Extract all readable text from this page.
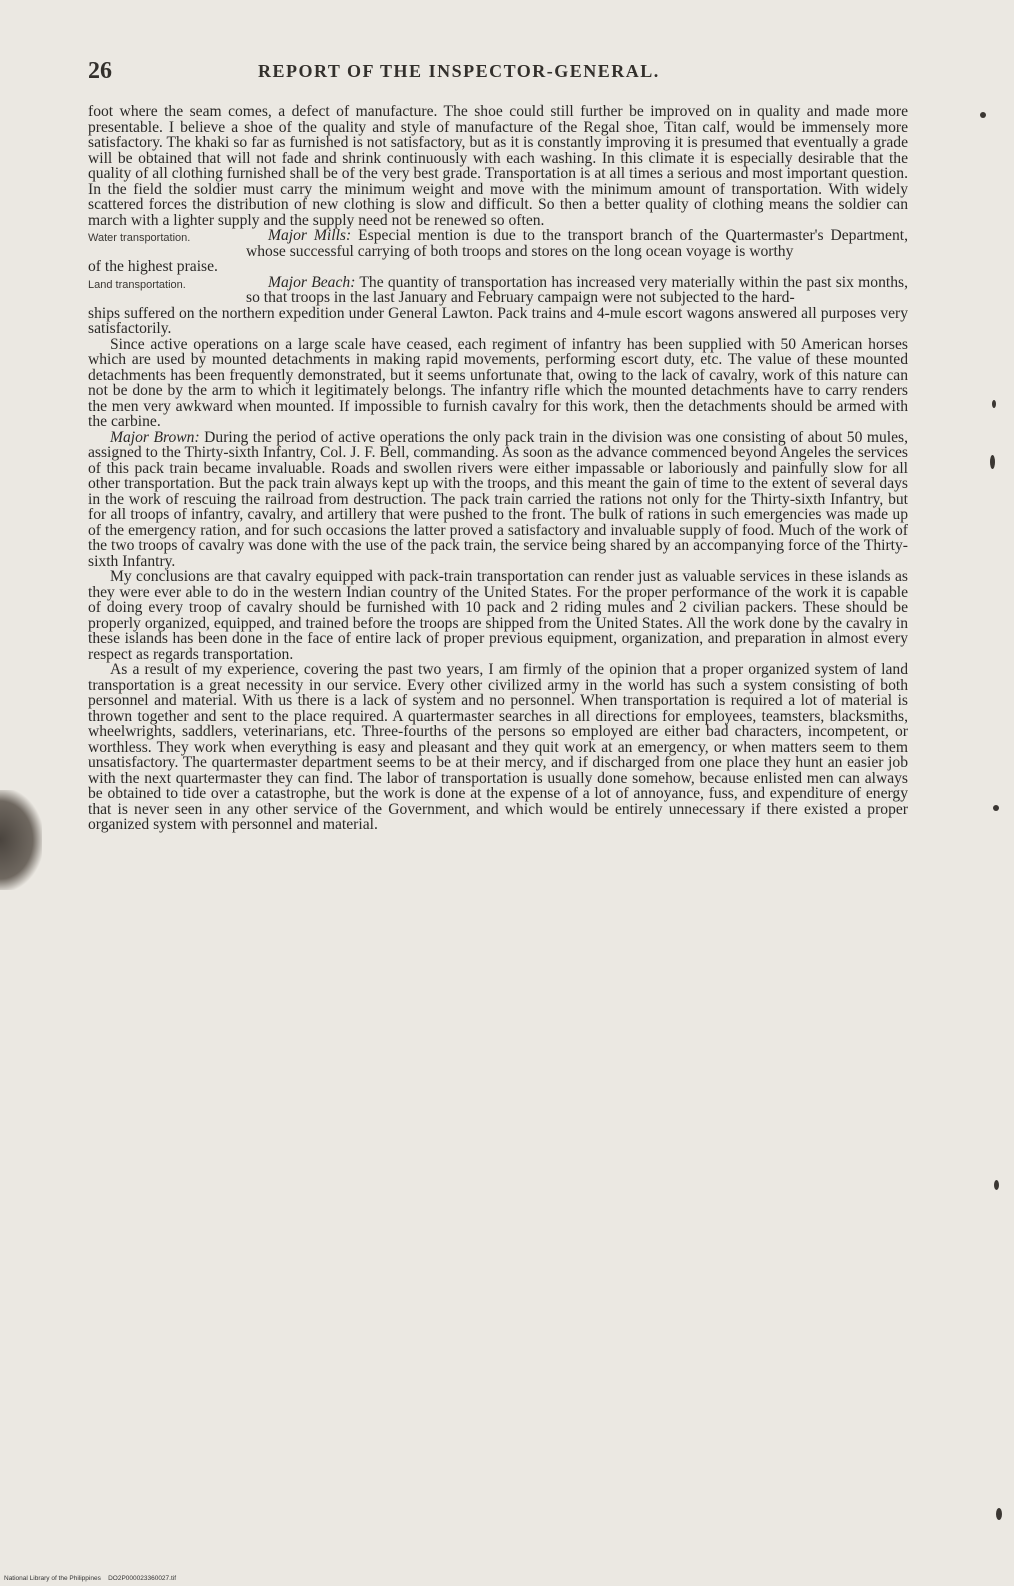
26	REPORT OF THE INSPECTOR-GENERAL.

foot where the seam comes, a defect of manufacture. The shoe could still further be improved on in quality and made more presentable. I believe a shoe of the quality and style of manufacture of the Regal shoe, Titan calf, would be immensely more satisfactory. The khaki so far as furnished is not satisfactory, but as it is constantly improving it is presumed that eventually a grade will be obtained that will not fade and shrink continuously with each washing. In this climate it is especially desirable that the quality of all clothing furnished shall be of the very best grade. Transportation is at all times a serious and most important question. In the field the soldier must carry the minimum weight and move with the minimum amount of transportation. With widely scattered forces the distribution of new clothing is slow and difficult. So then a better quality of clothing means the soldier can march with a lighter supply and the supply need not be renewed so often.

Water transportation.	Major Mills: Especial mention is due to the transport branch of the Quartermaster's Department, whose successful carrying of both troops and stores on the long ocean voyage is worthy

of the highest praise.

Land transportation.	Major Beach: The quantity of transportation has increased very materially within the past six months, so that troops in the last January and February campaign were not subjected to the hard-

ships suffered on the northern expedition under General Lawton. Pack trains and 4-mule escort wagons answered all purposes very satisfactorily.

Since active operations on a large scale have ceased, each regiment of infantry has been supplied with 50 American horses which are used by mounted detachments in making rapid movements, performing escort duty, etc. The value of these mounted detachments has been frequently demonstrated, but it seems unfortunate that, owing to the lack of cavalry, work of this nature can not be done by the arm to which it legitimately belongs. The infantry rifle which the mounted detachments have to carry renders the men very awkward when mounted. If impossible to furnish cavalry for this work, then the detachments should be armed with the carbine.

Major Brown: During the period of active operations the only pack train in the division was one consisting of about 50 mules, assigned to the Thirty-sixth Infantry, Col. J. F. Bell, commanding. As soon as the advance commenced beyond Angeles the services of this pack train became invaluable. Roads and swollen rivers were either impassable or laboriously and painfully slow for all other transportation. But the pack train always kept up with the troops, and this meant the gain of time to the extent of several days in the work of rescuing the railroad from destruction. The pack train carried the rations not only for the Thirty-sixth Infantry, but for all troops of infantry, cavalry, and artillery that were pushed to the front. The bulk of rations in such emergencies was made up of the emergency ration, and for such occasions the latter proved a satisfactory and invaluable supply of food. Much of the work of the two troops of cavalry was done with the use of the pack train, the service being shared by an accompanying force of the Thirty-sixth Infantry.

My conclusions are that cavalry equipped with pack-train transportation can render just as valuable services in these islands as they were ever able to do in the western Indian country of the United States. For the proper performance of the work it is capable of doing every troop of cavalry should be furnished with 10 pack and 2 riding mules and 2 civilian packers. These should be properly organized, equipped, and trained before the troops are shipped from the United States. All the work done by the cavalry in these islands has been done in the face of entire lack of proper previous equipment, organization, and preparation in almost every respect as regards transportation.

As a result of my experience, covering the past two years, I am firmly of the opinion that a proper organized system of land transportation is a great necessity in our service. Every other civilized army in the world has such a system consisting of both personnel and material. With us there is a lack of system and no personnel. When transportation is required a lot of material is thrown together and sent to the place required. A quartermaster searches in all directions for employees, teamsters, blacksmiths, wheelwrights, saddlers, veterinarians, etc. Three-fourths of the persons so employed are either bad characters, incompetent, or worthless. They work when everything is easy and pleasant and they quit work at an emergency, or when matters seem to them unsatisfactory. The quartermaster department seems to be at their mercy, and if discharged from one place they hunt an easier job with the next quartermaster they can find. The labor of transportation is usually done somehow, because enlisted men can always be obtained to tide over a catastrophe, but the work is done at the expense of a lot of annoyance, fuss, and expenditure of energy that is never seen in any other service of the Government, and which would be entirely unnecessary if there existed a proper organized system with personnel and material.

National Library of the Philippines DO2P000023360027.tif
